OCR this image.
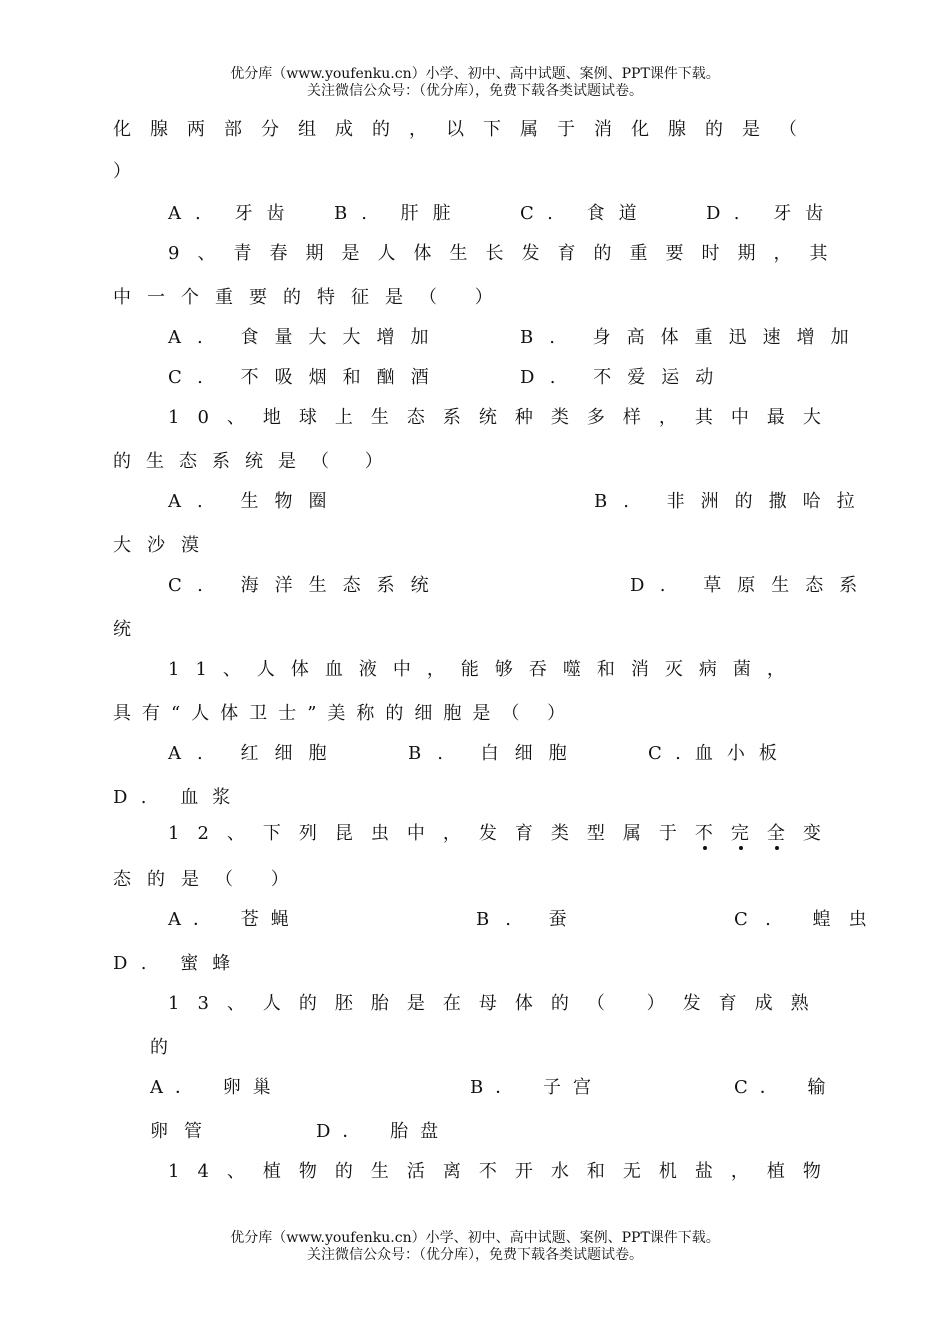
优分库（www.youfenku.cn）小学、初中、高中试题、案例、PPT课件下载。
关注微信公众号：（优分库），免费下载各类试题试卷。
化腺两部分组成的，以下属于消化腺的是（
）
A. 牙齿 B. 肝脏	C. 食道	D. 牙齿
9、青春期是人体生长发育的重要时期，其
中一个重要的特征是（ ）
A. 食量大大增加	B. 身高体重迅速增加
C. 不吸烟和酗酒	D. 不爱运动
10、地球上生态系统种类多样，其中最大
的生态系统是（ ）
A. 生物圈	B. 非洲的撒哈拉
大沙漠
C. 海洋生态系统	D. 草原生态系
统
11、人体血液中，能够吞噬和消灭病菌，
具有“人体卫士”美称的细胞是（ ）
A. 红细胞	B. 白细胞	C.血小板
D. 血浆
12、下列昆虫中，发育类型属于不
完
全
变
态的是（ ）
A． 苍蝇	B. 蚕	C. 蝗虫
D. 蜜蜂
13、人的胚胎是在母体的（ ）发育成熟
的
A． 卵巢	B． 子宫	C． 输
卵管	D． 胎盘
14、植物的生活离不开水和无机盐，植物
优分库（www.youfenku.cn）小学、初中、高中试题、案例、PPT课件下载。
关注微信公众号：（优分库），免费下载各类试题试卷。
